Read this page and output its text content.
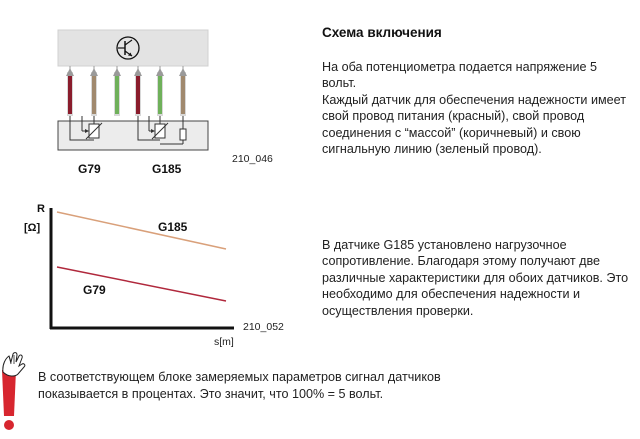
G79	G185
210_046
Схема включения

На оба потенциометра подается напряжение 5 вольт.

Каждый датчик для обеспечения надежности имеет свой провод питания (красный), свой провод соединения с “массой” (коричневый) и свою сигнальную линию (зеленый провод).

R
[Ω]	G185
G79
210_052
s[m]

В датчике G185 установлено нагрузочное сопротивление. Благодаря этому получают две различные характеристики для обоих датчиков. Это необходимо для обеспечения надежности и осуществления проверки.

В соответствующем блоке замеряемых параметров сигнал датчиков показывается в процентах. Это значит, что 100% = 5 вольт.
